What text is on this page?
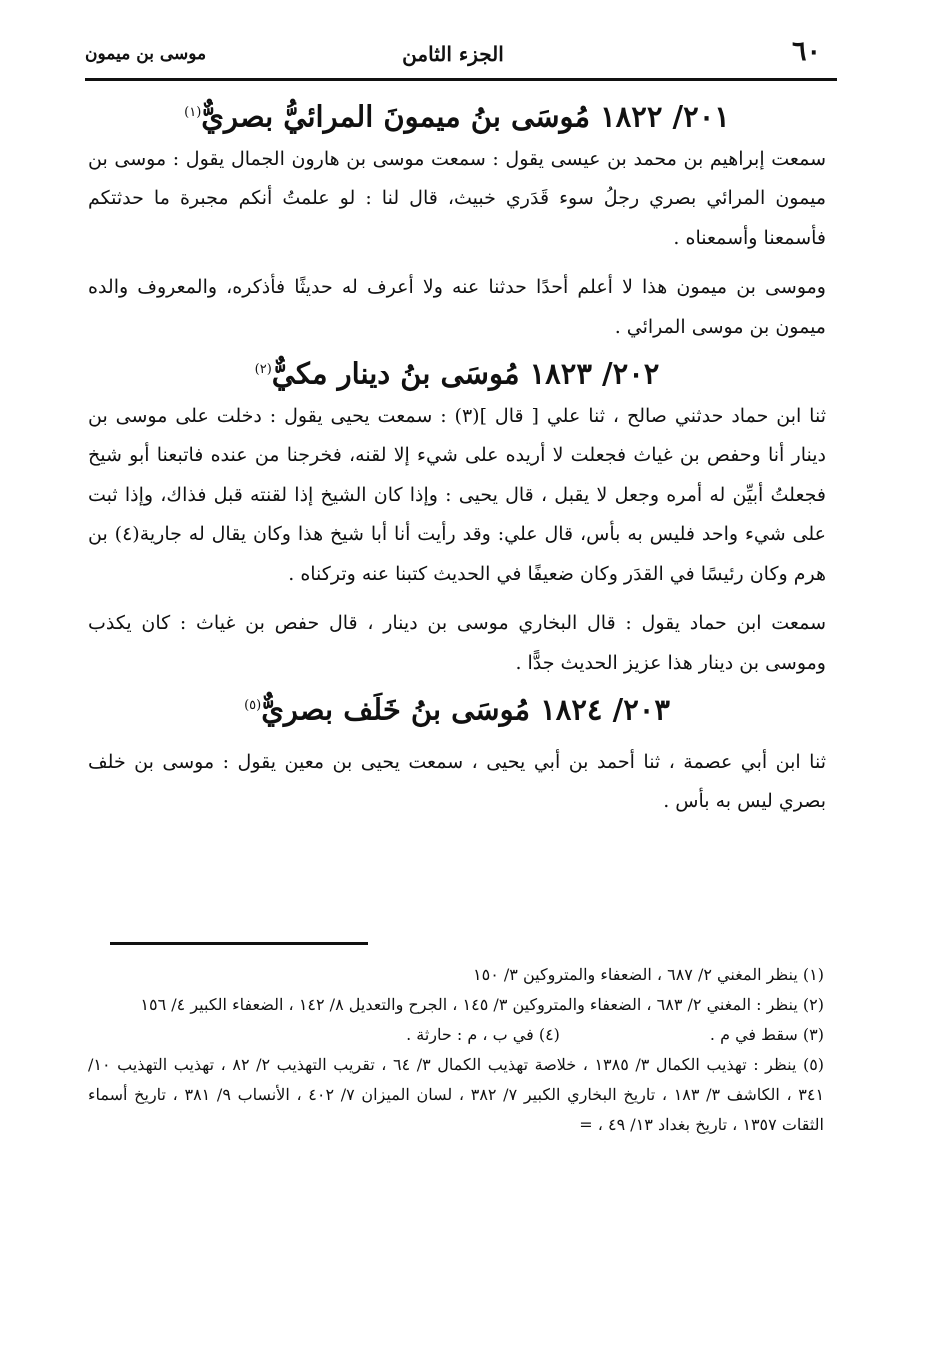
٦٠
الجزء الثامن
موسى بن ميمون
٢٠١/ ١٨٢٢ مُوسَى بنُ ميمونَ المرائيُّ بصريٌّ$^{(١)}$

سمعت إبراهيم بن محمد بن عيسى يقول : سمعت موسى بن هارون الجمال يقول : موسى بن ميمون المرائي بصري رجلُ سوء قَدَري خبيث، قال لنا : لو علمتُ أنكم مجبرة ما حدثتكم فأسمعنا وأسمعناه .

وموسى بن ميمون هذا لا أعلم أحدًا حدثنا عنه ولا أعرف له حديثًا فأذكره، والمعروف والده ميمون بن موسى المرائي .

٢٠٢/ ١٨٢٣ مُوسَى بنُ دينار مكيٌّ$^{(٢)}$

ثنا ابن حماد حدثني صالح ، ثنا علي [ قال ](٣) : سمعت يحيى يقول : دخلت على موسى بن دينار أنا وحفص بن غياث فجعلت لا أريده على شيء إلا لقنه، فخرجنا من عنده فاتبعنا أبو شيخ فجعلتُ أبيِّن له أمره وجعل لا يقبل ، قال يحيى : وإذا كان الشيخ إذا لقنته قبل فذاك، وإذا ثبت على شيء واحد فليس به بأس، قال علي: وقد رأيت أنا أبا شيخ هذا وكان يقال له جارية(٤) بن هرم وكان رئيسًا في القدَر وكان ضعيفًا في الحديث كتبنا عنه وتركناه .

سمعت ابن حماد يقول : قال البخاري موسى بن دينار ، قال حفص بن غياث : كان يكذب وموسى بن دينار هذا عزيز الحديث جدًّا .

٢٠٣/ ١٨٢٤ مُوسَى بنُ خَلَف بصريٌّ$^{(٥)}$

ثنا ابن أبي عصمة ، ثنا أحمد بن أبي يحيى ، سمعت يحيى بن معين يقول : موسى بن خلف بصري ليس به بأس .

(١) ينظر المغني ٢/ ٦٨٧ ، الضعفاء والمتروكين ٣/ ١٥٠

(٢) ينظر : المغني ٢/ ٦٨٣ ، الضعفاء والمتروكين ٣/ ١٤٥ ، الجرح والتعديل ٨/ ١٤٢ ، الضعفاء الكبير ٤/ ١٥٦

(٣) سقط في م .
(٤) في ب ، م : حارثة .

(٥) ينظر : تهذيب الكمال ٣/ ١٣٨٥ ، خلاصة تهذيب الكمال ٣/ ٦٤ ، تقريب التهذيب ٢/ ٨٢ ، تهذيب التهذيب ١٠/ ٣٤١ ، الكاشف ٣/ ١٨٣ ، تاريخ البخاري الكبير ٧/ ٣٨٢ ، لسان الميزان ٧/ ٤٠٢ ، الأنساب ٩/ ٣٨١ ، تاريخ أسماء الثقات ١٣٥٧ ، تاريخ بغداد ١٣/ ٤٩ ، =
